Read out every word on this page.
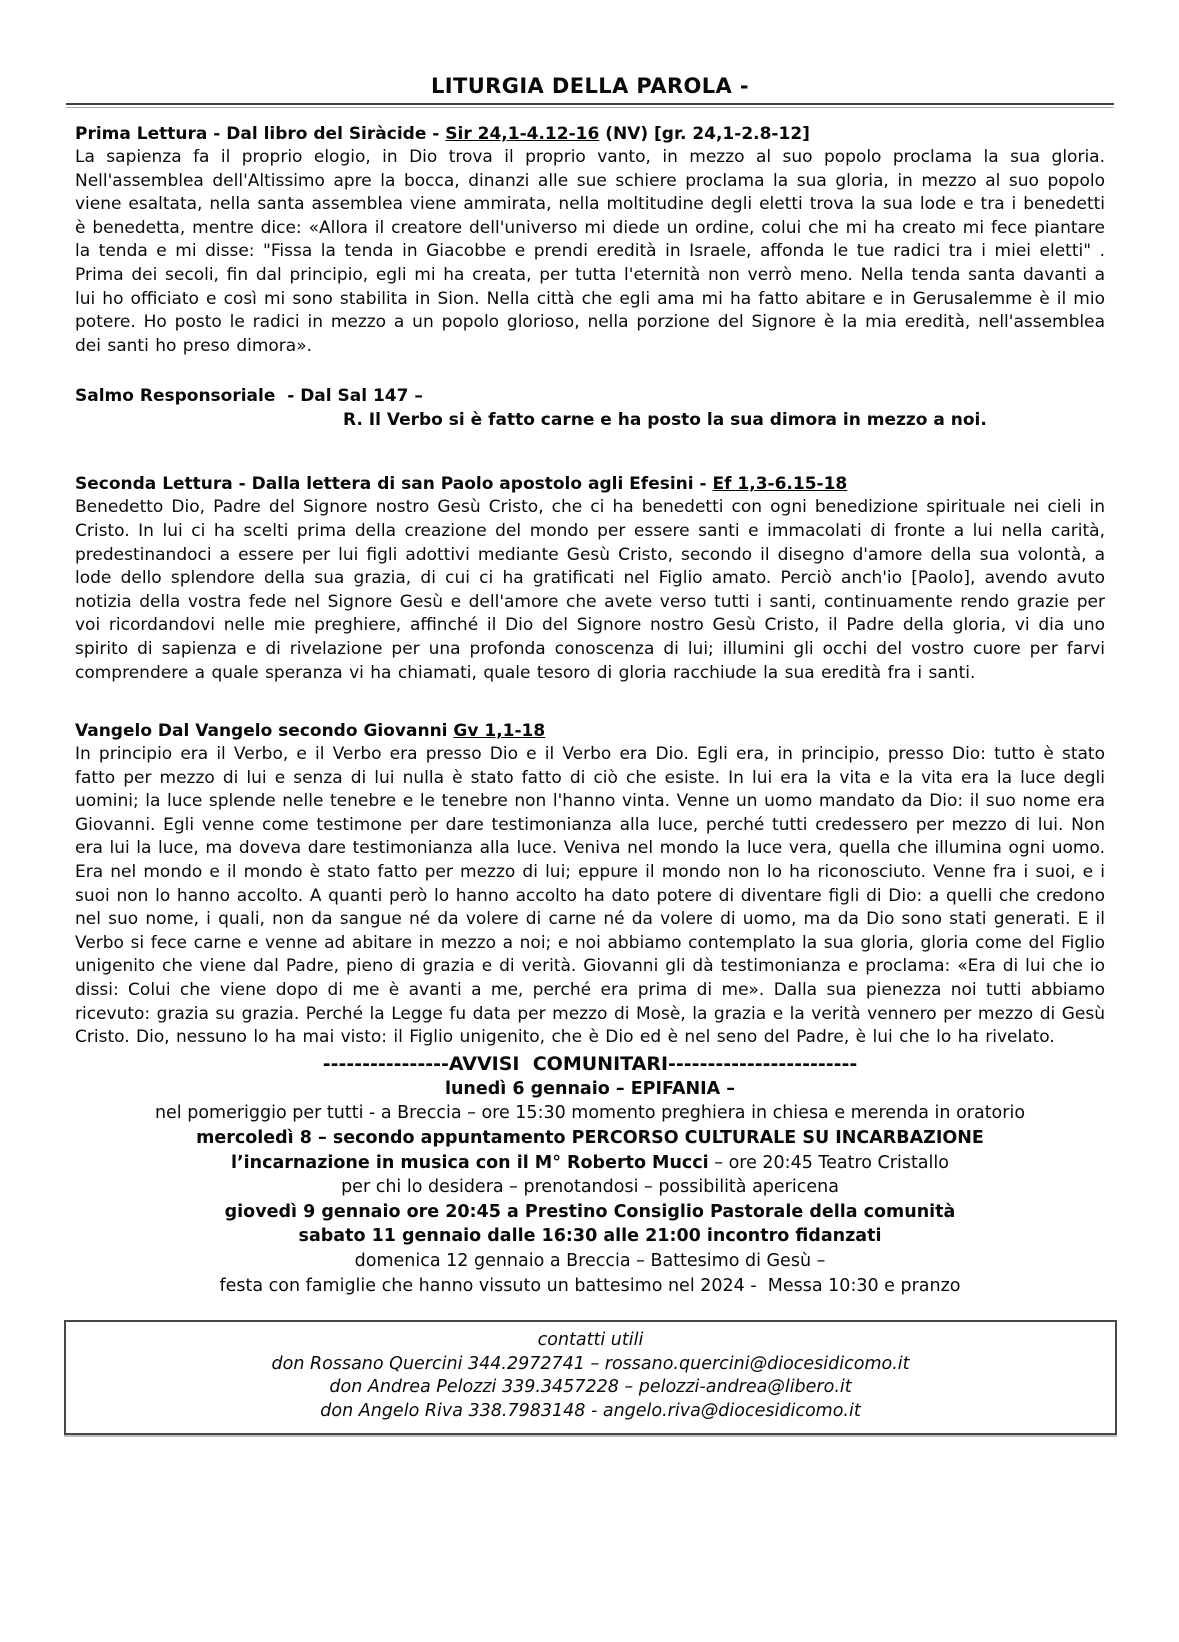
LITURGIA DELLA PAROLA -

Prima Lettura - Dal libro del Siràcide - Sir 24,1-4.12-16 (NV) [gr. 24,1-2.8-12]

La sapienza fa il proprio elogio, in Dio trova il proprio vanto, in mezzo al suo popolo proclama la sua gloria. Nell'assemblea dell'Altissimo apre la bocca, dinanzi alle sue schiere proclama la sua gloria, in mezzo al suo popolo viene esaltata, nella santa assemblea viene ammirata, nella moltitudine degli eletti trova la sua lode e tra i benedetti è benedetta, mentre dice: «Allora il creatore dell'universo mi diede un ordine, colui che mi ha creato mi fece piantare la tenda e mi disse: "Fissa la tenda in Giacobbe e prendi eredità in Israele, affonda le tue radici tra i miei eletti" . Prima dei secoli, fin dal principio, egli mi ha creata, per tutta l'eternità non verrò meno. Nella tenda santa davanti a lui ho officiato e così mi sono stabilita in Sion. Nella città che egli ama mi ha fatto abitare e in Gerusalemme è il mio potere. Ho posto le radici in mezzo a un popolo glorioso, nella porzione del Signore è la mia eredità, nell'assemblea dei santi ho preso dimora».

Salmo Responsoriale  - Dal Sal 147 –

R. Il Verbo si è fatto carne e ha posto la sua dimora in mezzo a noi.

Seconda Lettura - Dalla lettera di san Paolo apostolo agli Efesini - Ef 1,3-6.15-18

Benedetto Dio, Padre del Signore nostro Gesù Cristo, che ci ha benedetti con ogni benedizione spirituale nei cieli in Cristo. In lui ci ha scelti prima della creazione del mondo per essere santi e immacolati di fronte a lui nella carità, predestinandoci a essere per lui figli adottivi mediante Gesù Cristo, secondo il disegno d'amore della sua volontà, a lode dello splendore della sua grazia, di cui ci ha gratificati nel Figlio amato. Perciò anch'io [Paolo], avendo avuto notizia della vostra fede nel Signore Gesù e dell'amore che avete verso tutti i santi, continuamente rendo grazie per voi ricordandovi nelle mie preghiere, affinché il Dio del Signore nostro Gesù Cristo, il Padre della gloria, vi dia uno spirito di sapienza e di rivelazione per una profonda conoscenza di lui; illumini gli occhi del vostro cuore per farvi comprendere a quale speranza vi ha chiamati, quale tesoro di gloria racchiude la sua eredità fra i santi.

Vangelo Dal Vangelo secondo Giovanni Gv 1,1-18

In principio era il Verbo, e il Verbo era presso Dio e il Verbo era Dio. Egli era, in principio, presso Dio: tutto è stato fatto per mezzo di lui e senza di lui nulla è stato fatto di ciò che esiste. In lui era la vita e la vita era la luce degli uomini; la luce splende nelle tenebre e le tenebre non l'hanno vinta. Venne un uomo mandato da Dio: il suo nome era Giovanni. Egli venne come testimone per dare testimonianza alla luce, perché tutti credessero per mezzo di lui. Non era lui la luce, ma doveva dare testimonianza alla luce. Veniva nel mondo la luce vera, quella che illumina ogni uomo. Era nel mondo e il mondo è stato fatto per mezzo di lui; eppure il mondo non lo ha riconosciuto. Venne fra i suoi, e i suoi non lo hanno accolto. A quanti però lo hanno accolto ha dato potere di diventare figli di Dio: a quelli che credono nel suo nome, i quali, non da sangue né da volere di carne né da volere di uomo, ma da Dio sono stati generati. E il Verbo si fece carne e venne ad abitare in mezzo a noi; e noi abbiamo contemplato la sua gloria, gloria come del Figlio unigenito che viene dal Padre, pieno di grazia e di verità. Giovanni gli dà testimonianza e proclama: «Era di lui che io dissi: Colui che viene dopo di me è avanti a me, perché era prima di me». Dalla sua pienezza noi tutti abbiamo ricevuto: grazia su grazia. Perché la Legge fu data per mezzo di Mosè, la grazia e la verità vennero per mezzo di Gesù Cristo. Dio, nessuno lo ha mai visto: il Figlio unigenito, che è Dio ed è nel seno del Padre, è lui che lo ha rivelato.

----------------AVVISI  COMUNITARI------------------------

lunedì 6 gennaio – EPIFANIA –

nel pomeriggio per tutti - a Breccia – ore 15:30 momento preghiera in chiesa e merenda in oratorio

mercoledì 8 – secondo appuntamento PERCORSO CULTURALE SU INCARBAZIONE

l’incarnazione in musica con il M° Roberto Mucci – ore 20:45 Teatro Cristallo

per chi lo desidera – prenotandosi – possibilità apericena

giovedì 9 gennaio ore 20:45 a Prestino Consiglio Pastorale della comunità

sabato 11 gennaio dalle 16:30 alle 21:00 incontro fidanzati

domenica 12 gennaio a Breccia – Battesimo di Gesù –

festa con famiglie che hanno vissuto un battesimo nel 2024 -  Messa 10:30 e pranzo

contatti utili

don Rossano Quercini 344.2972741 – rossano.quercini@diocesidicomo.it

don Andrea Pelozzi 339.3457228 – pelozzi-andrea@libero.it

don Angelo Riva 338.7983148 - angelo.riva@diocesidicomo.it
